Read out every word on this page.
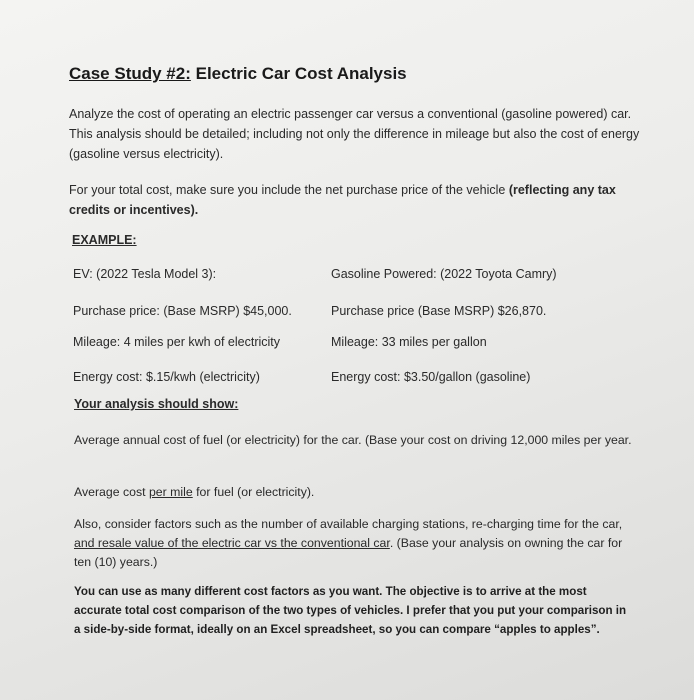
Case Study #2: Electric Car Cost Analysis
Analyze the cost of operating an electric passenger car versus a conventional (gasoline powered) car. This analysis should be detailed; including not only the difference in mileage but also the cost of energy (gasoline versus electricity).
For your total cost, make sure you include the net purchase price of the vehicle (reflecting any tax credits or incentives).
EXAMPLE:
EV: (2022 Tesla Model 3):	Gasoline Powered: (2022 Toyota Camry)
Purchase price: (Base MSRP) $45,000.	Purchase price (Base MSRP) $26,870.
Mileage: 4 miles per kwh of electricity	Mileage: 33 miles per gallon
Energy cost: $.15/kwh (electricity)	Energy cost: $3.50/gallon (gasoline)
Your analysis should show:
Average annual cost of fuel (or electricity) for the car. (Base your cost on driving 12,000 miles per year.
Average cost per mile for fuel (or electricity).
Also, consider factors such as the number of available charging stations, re-charging time for the car, and resale value of the electric car vs the conventional car. (Base your analysis on owning the car for ten (10) years.)
You can use as many different cost factors as you want. The objective is to arrive at the most accurate total cost comparison of the two types of vehicles. I prefer that you put your comparison in a side-by-side format, ideally on an Excel spreadsheet, so you can compare “apples to apples”.
